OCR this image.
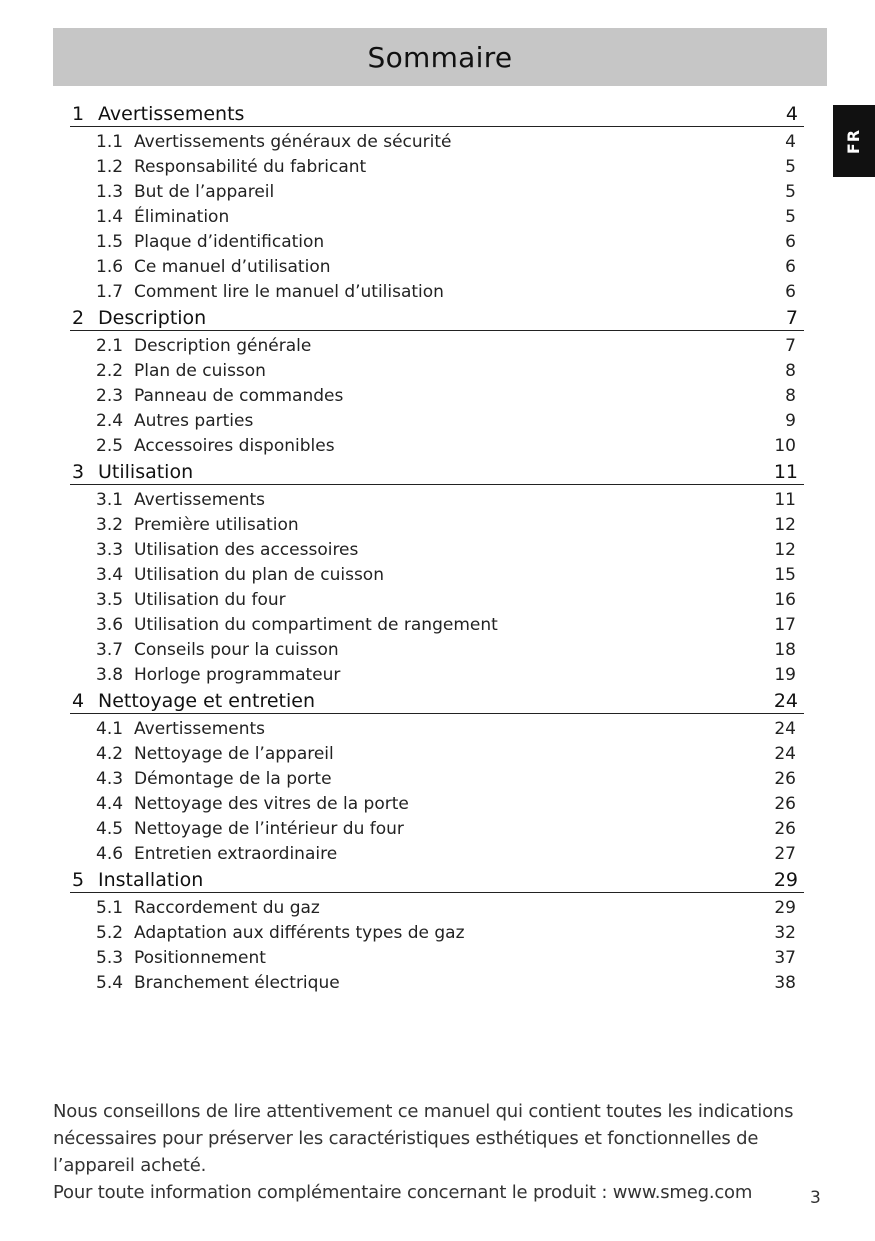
Sommaire
FR
1 Avertissements	4
1.1 Avertissements généraux de sécurité	4
1.2 Responsabilité du fabricant	5
1.3 But de l’appareil	5
1.4 Élimination	5
1.5 Plaque d’identification	6
1.6 Ce manuel d’utilisation	6
1.7 Comment lire le manuel d’utilisation	6
2 Description	7
2.1 Description générale	7
2.2 Plan de cuisson	8
2.3 Panneau de commandes	8
2.4 Autres parties	9
2.5 Accessoires disponibles	10
3 Utilisation	11
3.1 Avertissements	11
3.2 Première utilisation	12
3.3 Utilisation des accessoires	12
3.4 Utilisation du plan de cuisson	15
3.5 Utilisation du four	16
3.6 Utilisation du compartiment de rangement	17
3.7 Conseils pour la cuisson	18
3.8 Horloge programmateur	19
4 Nettoyage et entretien	24
4.1 Avertissements	24
4.2 Nettoyage de l’appareil	24
4.3 Démontage de la porte	26
4.4 Nettoyage des vitres de la porte	26
4.5 Nettoyage de l’intérieur du four	26
4.6 Entretien extraordinaire	27
5 Installation	29
5.1 Raccordement du gaz	29
5.2 Adaptation aux différents types de gaz	32
5.3 Positionnement	37
5.4 Branchement électrique	38

Nous conseillons de lire attentivement ce manuel qui contient toutes les indications

nécessaires pour préserver les caractéristiques esthétiques et fonctionnelles de l’appareil acheté.

Pour toute information complémentaire concernant le produit : www.smeg.com	3
